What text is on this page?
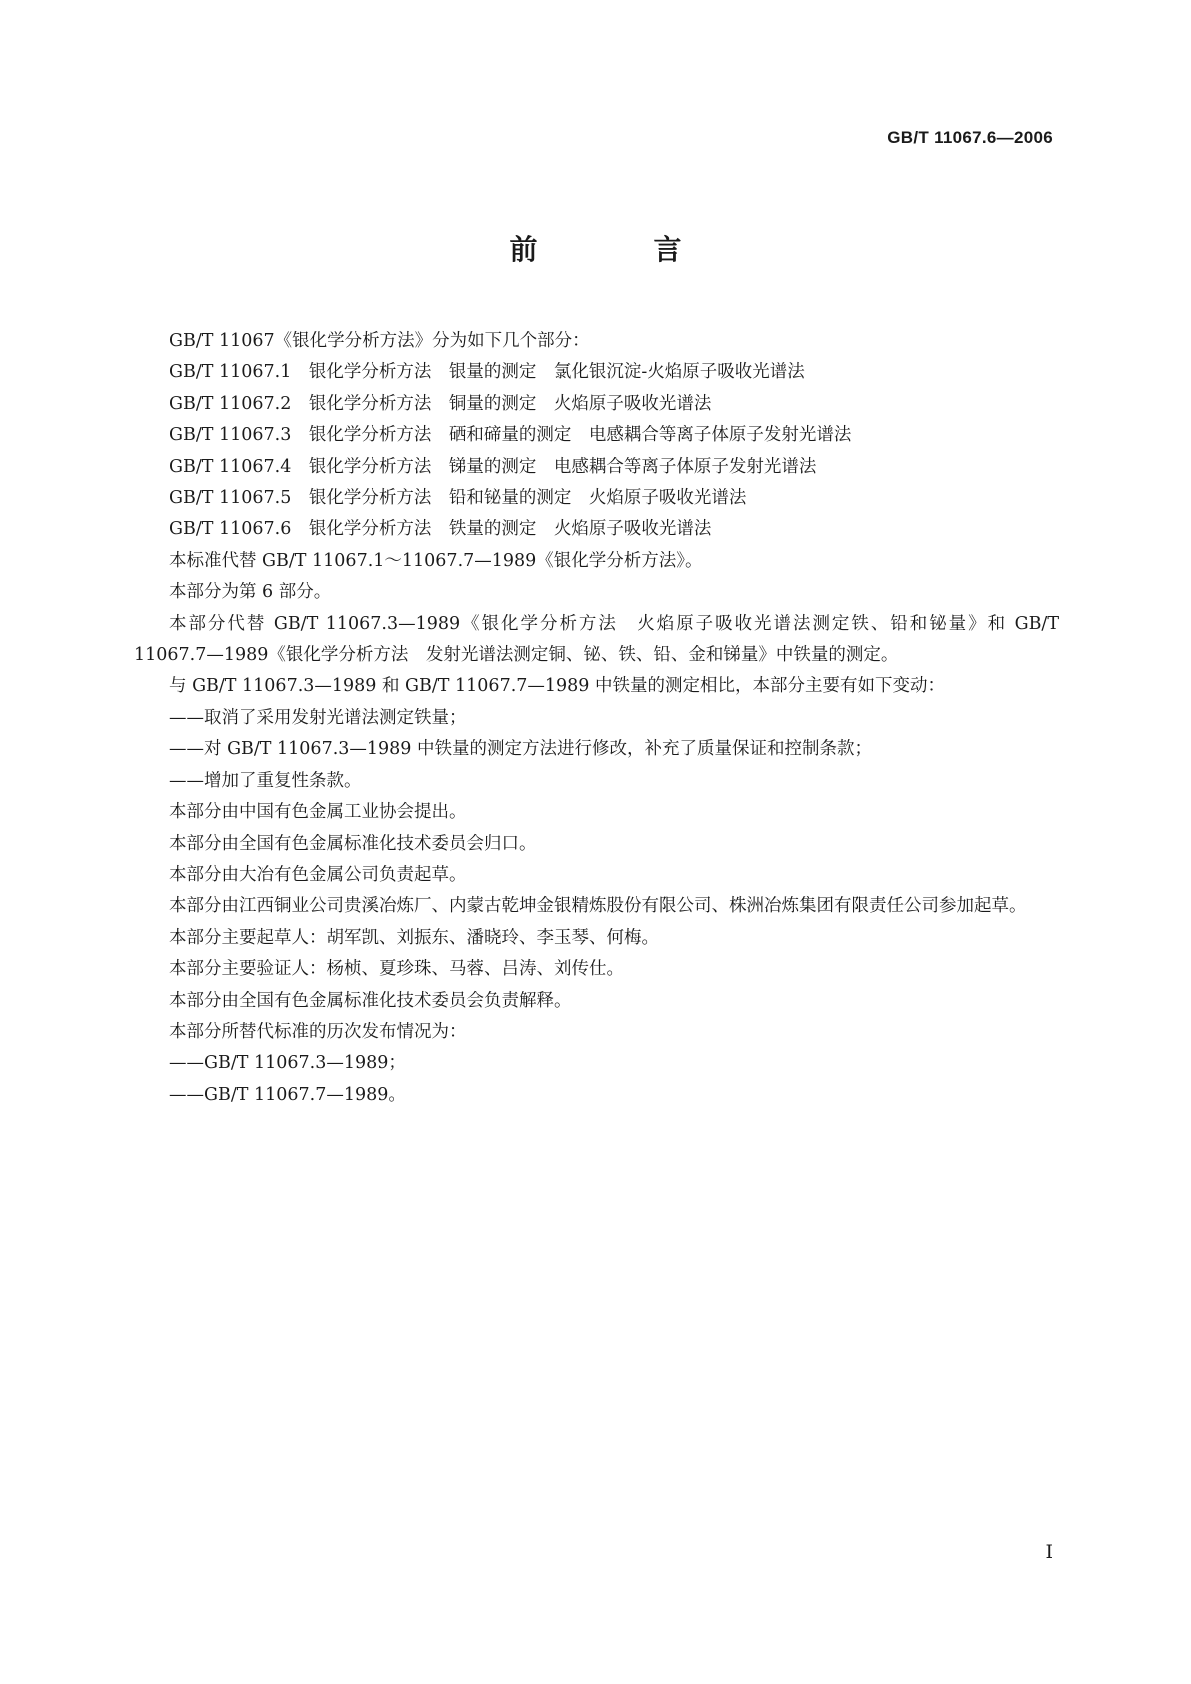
GB/T 11067.6—2006
前　言

GB/T 11067《银化学分析方法》分为如下几个部分：

GB/T 11067.1　银化学分析方法　银量的测定　氯化银沉淀-火焰原子吸收光谱法

GB/T 11067.2　银化学分析方法　铜量的测定　火焰原子吸收光谱法

GB/T 11067.3　银化学分析方法　硒和碲量的测定　电感耦合等离子体原子发射光谱法

GB/T 11067.4　银化学分析方法　锑量的测定　电感耦合等离子体原子发射光谱法

GB/T 11067.5　银化学分析方法　铅和铋量的测定　火焰原子吸收光谱法

GB/T 11067.6　银化学分析方法　铁量的测定　火焰原子吸收光谱法

本标准代替 GB/T 11067.1～11067.7—1989《银化学分析方法》。

本部分为第 6 部分。

本部分代替 GB/T 11067.3—1989《银化学分析方法　火焰原子吸收光谱法测定铁、铅和铋量》和 GB/T 11067.7—1989《银化学分析方法　发射光谱法测定铜、铋、铁、铅、金和锑量》中铁量的测定。

与 GB/T 11067.3—1989 和 GB/T 11067.7—1989 中铁量的测定相比，本部分主要有如下变动：

——取消了采用发射光谱法测定铁量；

——对 GB/T 11067.3—1989 中铁量的测定方法进行修改，补充了质量保证和控制条款；

——增加了重复性条款。

本部分由中国有色金属工业协会提出。

本部分由全国有色金属标准化技术委员会归口。

本部分由大冶有色金属公司负责起草。

本部分由江西铜业公司贵溪冶炼厂、内蒙古乾坤金银精炼股份有限公司、株洲冶炼集团有限责任公司参加起草。

本部分主要起草人：胡军凯、刘振东、潘晓玲、李玉琴、何梅。

本部分主要验证人：杨桢、夏珍珠、马蓉、吕涛、刘传仕。

本部分由全国有色金属标准化技术委员会负责解释。

本部分所替代标准的历次发布情况为：

——GB/T 11067.3—1989；

——GB/T 11067.7—1989。

I
